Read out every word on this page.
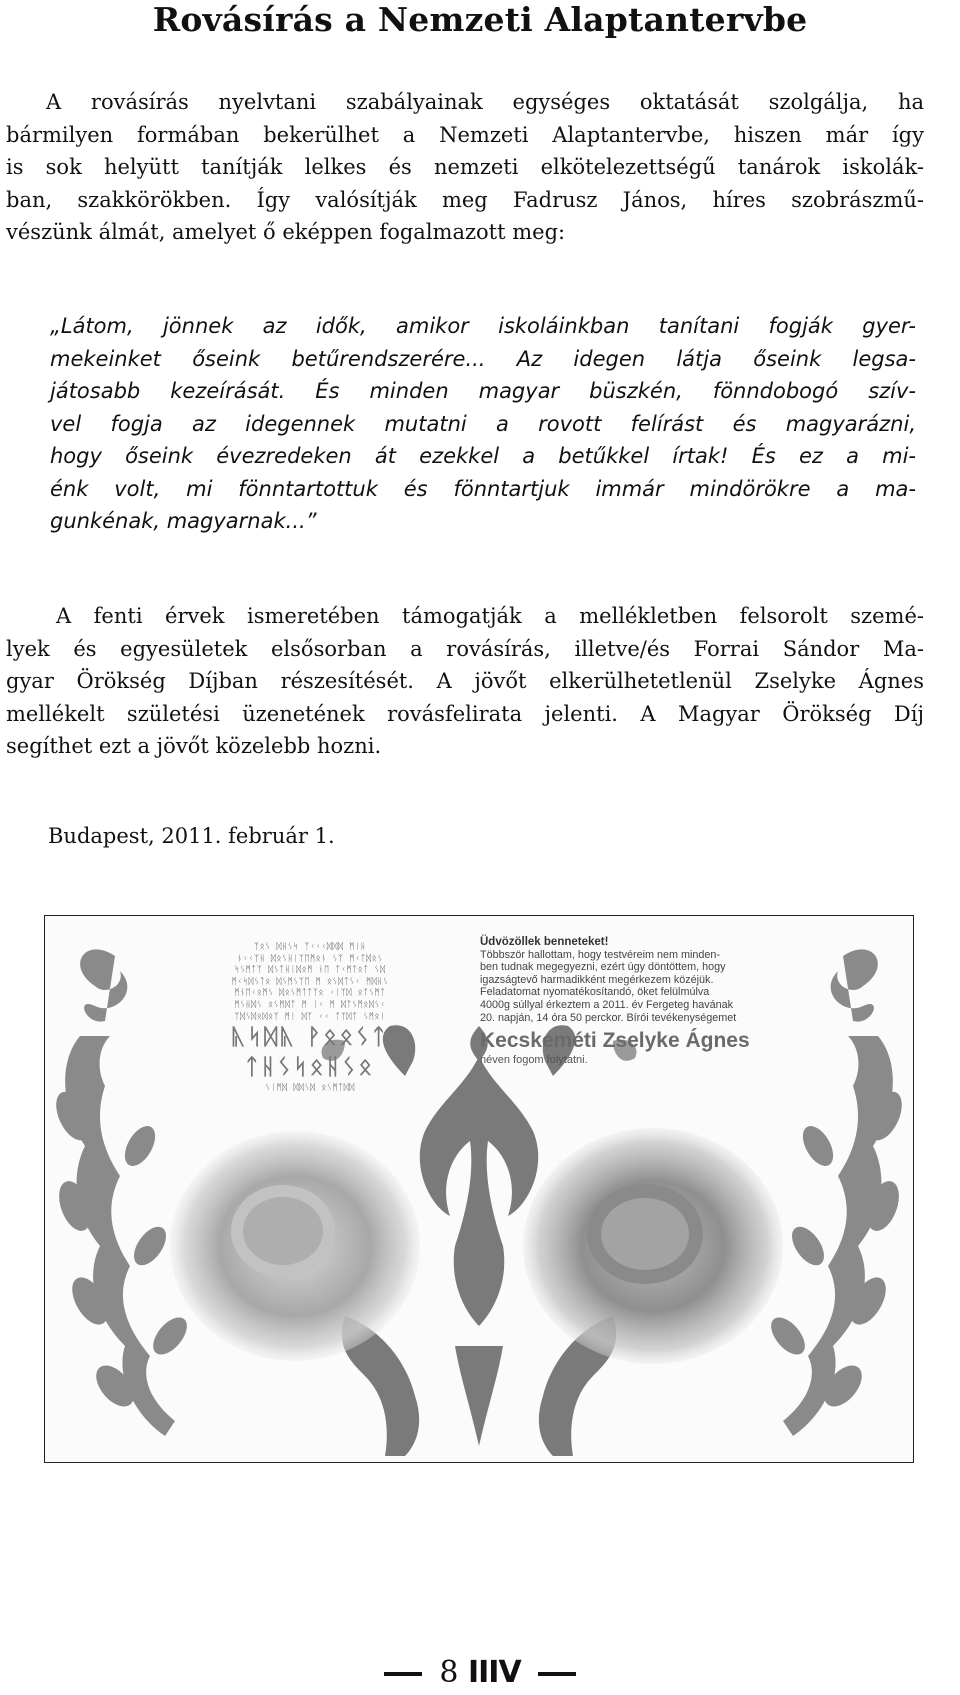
Rovásírás a Nemzeti Alaptantervbe
A rovásírás nyelvtani szabályainak egységes oktatását szolgálja, ha
bármilyen formában bekerülhet a Nemzeti Alaptantervbe, hiszen már így
is sok helyütt tanítják lelkes és nemzeti elkötelezettségű tanárok iskolák-
ban, szakkörökben. Így valósítják meg Fadrusz János, híres szobrászmű-
vészünk álmát, amelyet ő eképpen fogalmazott meg:
„Látom, jönnek az idők, amikor iskoláinkban tanítani fogják gyer-
mekeinket őseink betűrendszerére... Az idegen látja őseink legsa-
játosabb kezeírását. És minden magyar büszkén, fönndobogó szív-
vel fogja az idegennek mutatni a rovott felírást és magyarázni,
hogy őseink évezredeken át ezekkel a betűkkel írtak! És ez a mi-
énk volt, mi fönntartottuk és fönntartjuk immár mindörökre a ma-
gunkénak, magyarnak...”
A fenti érvek ismeretében támogatják a mellékletben felsorolt szemé-
lyek és egyesületek elsősorban a rovásírás, illetve/és Forrai Sándor Ma-
gyar Örökség Díjban részesítését. A jövőt elkerülhetetlenül Zselyke Ágnes
mellékelt születési üzenetének rovásfelirata jelenti. A Magyar Örökség Díj
segíthet ezt a jövőt közelebb hozni.
Budapest, 2011. február 1.
ᛉᛟᛊ ᛞᚺᛊᛋ ᛉᚲᚲᚲᛞᛞᛞ ᛗᛁᚺ
ᚾᚲᚲᛉᚺ ᛞᛟᛊᚺᛁᛉᛖᛗᛟᚾ ᛊᛉ ᛗᚲᛏᛞᛟᛊ
ᛋᛊᛗᛏᛉ ᛞᛊᛏᚺᛁᛞᛟᛗ ᚾᛖ ᛏᚲᛗᛏᛟᛏ ᛊᛞ
ᛗᚲᛋᛞᛊᛏᛟ ᛞᛊᛗᛊᛉᛖ ᛗ ᛟᛊᛞᛏᛊᚲ ᛗᛞᚺᛊ
ᛗᚾᛖᚲᛟᛗᛊ ᛞᛟᛊᛗᛏᛏᛉᛟ ᚲᛁᛉᛞ ᛟᛏᛊᛗᛏ
ᛗᛊᚺᛞᛊ ᛟᛊᛗᛞᛏ ᛗ ᛁᚲ ᛗ ᛞᛏᛊᛗᛟᛞᛊᚲ
ᛉᛞᛊᛞᛟᛞᛟᛉ ᛗᛁ ᛞᛉ ᚲᚲ ᛏᛉᛞᛏ ᛊᛗᛟᛁ
ᚣᛋᛞᚣ ᚹᛟᛟᛊᛏ ᛏᚺᛊᛋᛟᚺᛊᛟ
ᛊᛁᛗᛞ ᛞᛞᛊᛞ ᛟᛊᛗᛏᛞᛞ
Üdvözöllek benneteket!
Többször hallottam, hogy testvéreim nem minden-
ben tudnak megegyezni, ezért úgy döntöttem, hogy
igazságtevő harmadikként megérkezem közéjük.
Feladatomat nyomatékosítandó, öket felülmúlva
4000g súllyal érkeztem a 2011. év Fergeteg havának
20. napján, 14 óra 50 perckor. Bírói tevékenységemet
Kecskeméti Zselyke Ágnes
néven fogom folytatni.
8 IIIV
